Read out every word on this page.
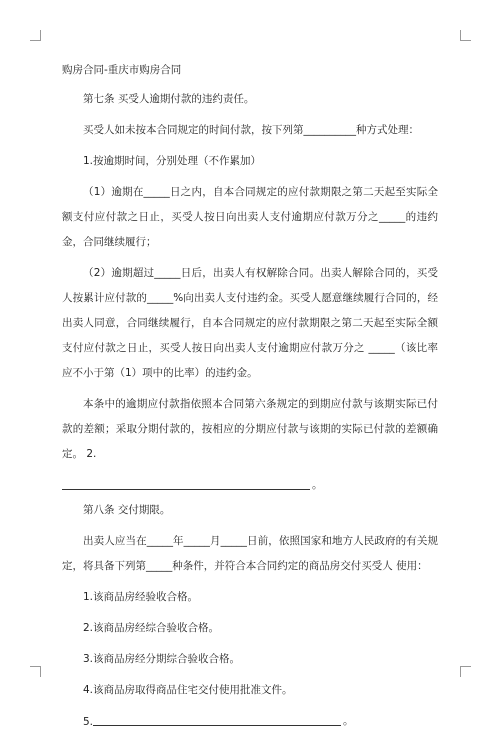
购房合同-重庆市购房合同

第七条 买受人逾期付款的违约责任。

买受人如未按本合同规定的时间付款，按下列第__________种方式处理：

1.按逾期时间，分别处理（不作累加）

（1）逾期在_____日之内，自本合同规定的应付款期限之第二天起至实际全额支付应付款之日止，买受人按日向出卖人支付逾期应付款万分之_____的违约金，合同继续履行；

（2）逾期超过_____日后，出卖人有权解除合同。出卖人解除合同的，买受人按累计应付款的_____%向出卖人支付违约金。买受人愿意继续履行合同的，经出卖人同意，合同继续履行，自本合同规定的应付款期限之第二天起至实际全额支付应付款之日止，买受人按日向出卖人支付逾期应付款万分之 _____（该比率应不小于第（1）项中的比率）的违约金。

本条中的逾期应付款指依照本合同第六条规定的到期应付款与该期实际已付款的差额；采取分期付款的，按相应的分期应付款与该期的实际已付款的差额确定。 2.

。

第八条 交付期限。

出卖人应当在_____年_____月_____日前，依照国家和地方人民政府的有关规定，将具备下列第_____种条件，并符合本合同约定的商品房交付买受人 使用：

1.该商品房经验收合格。

2.该商品房经综合验收合格。

3.该商品房经分期综合验收合格。

4.该商品房取得商品住宅交付使用批准文件。

5.	。
